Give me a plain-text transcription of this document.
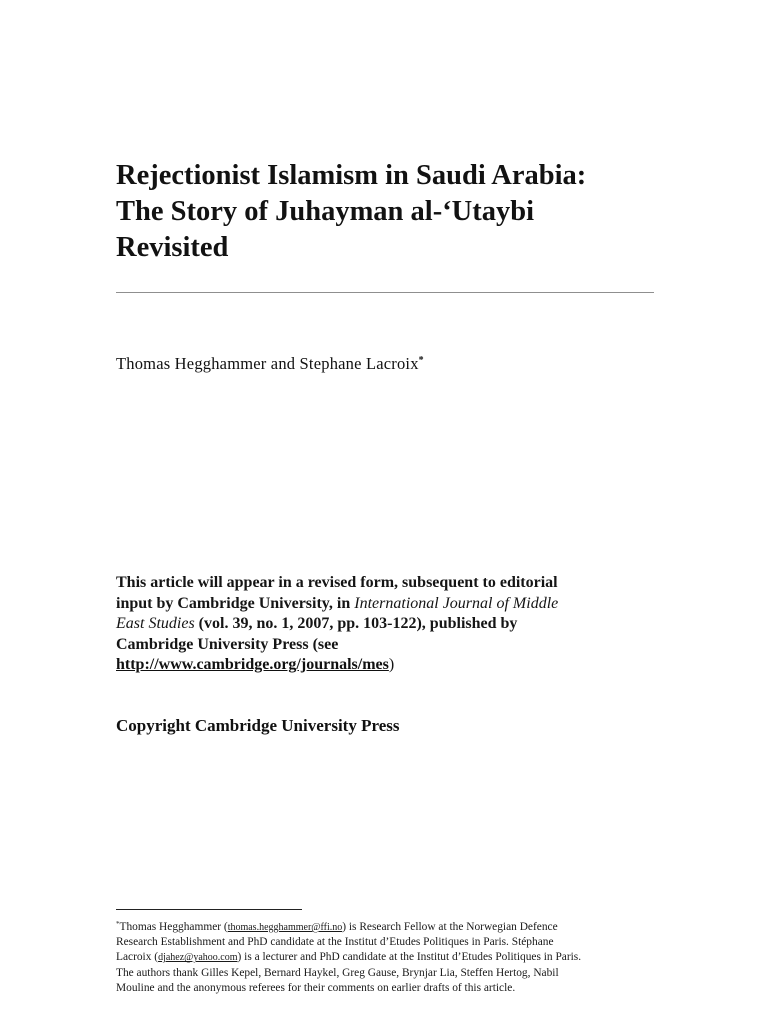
Rejectionist Islamism in Saudi Arabia:
The Story of Juhayman al-‘Utaybi
Revisited
Thomas Hegghammer and Stephane Lacroix*
This article will appear in a revised form, subsequent to editorial
input by Cambridge University, in International Journal of Middle
East Studies (vol. 39, no. 1, 2007, pp. 103-122), published by
Cambridge University Press (see
http://www.cambridge.org/journals/mes)
Copyright Cambridge University Press
*Thomas Hegghammer (thomas.hegghammer@ffi.no) is Research Fellow at the Norwegian Defence
Research Establishment and PhD candidate at the Institut d’Etudes Politiques in Paris. Stéphane
Lacroix (djahez@yahoo.com) is a lecturer and PhD candidate at the Institut d’Etudes Politiques in Paris.
The authors thank Gilles Kepel, Bernard Haykel, Greg Gause, Brynjar Lia, Steffen Hertog, Nabil
Mouline and the anonymous referees for their comments on earlier drafts of this article.
